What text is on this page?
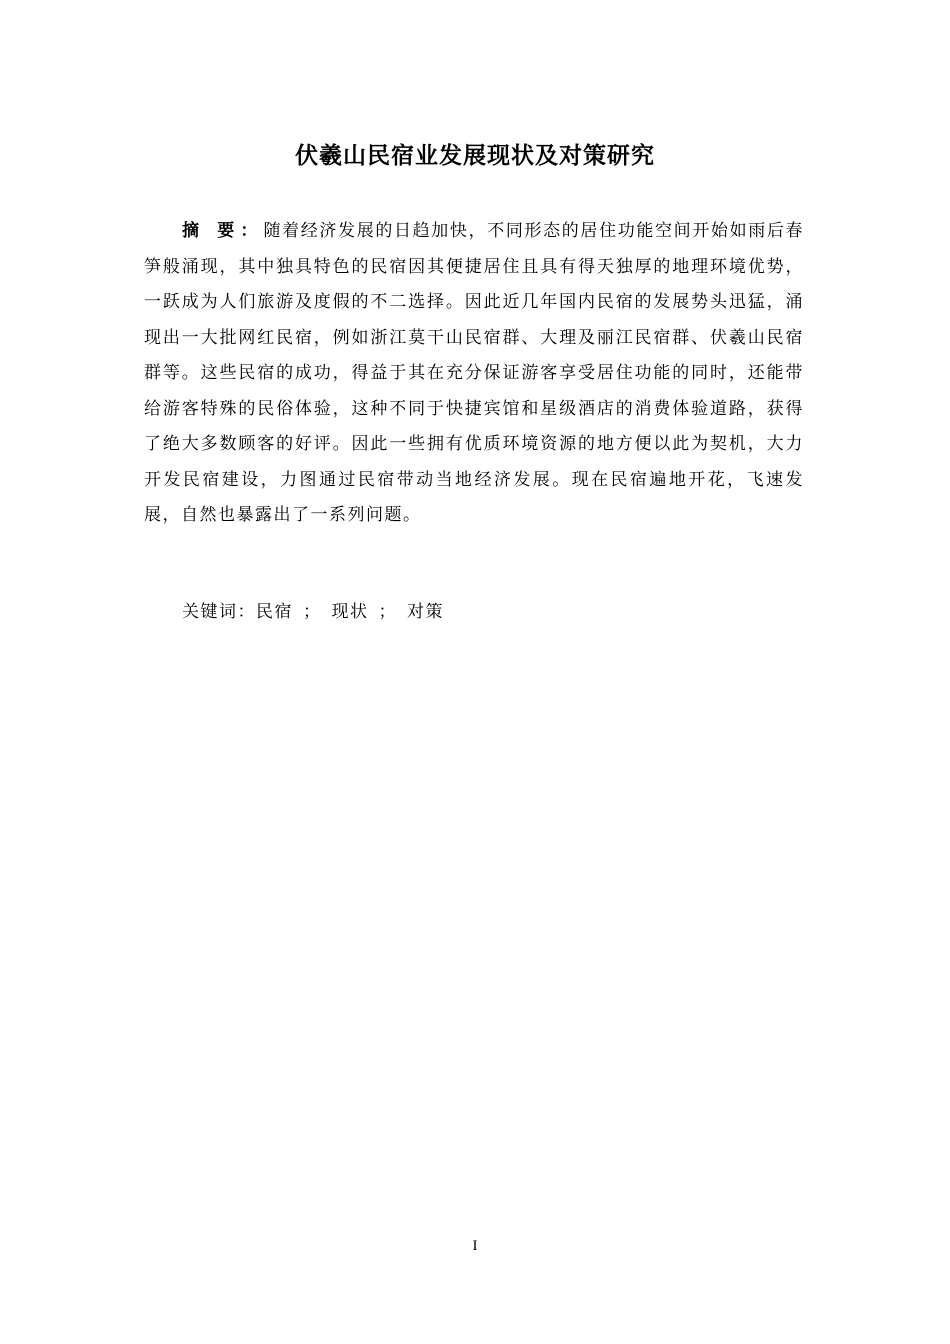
伏羲山民宿业发展现状及对策研究
摘 要：随着经济发展的日趋加快，不同形态的居住功能空间开始如雨后春笋般涌现，其中独具特色的民宿因其便捷居住且具有得天独厚的地理环境优势，一跃成为人们旅游及度假的不二选择。因此近几年国内民宿的发展势头迅猛，涌现出一大批网红民宿，例如浙江莫干山民宿群、大理及丽江民宿群、伏羲山民宿群等。这些民宿的成功，得益于其在充分保证游客享受居住功能的同时，还能带给游客特殊的民俗体验，这种不同于快捷宾馆和星级酒店的消费体验道路，获得了绝大多数顾客的好评。因此一些拥有优质环境资源的地方便以此为契机，大力开发民宿建设，力图通过民宿带动当地经济发展。现在民宿遍地开花，飞速发展，自然也暴露出了一系列问题。
关键词：民宿 ； 现状 ； 对策
I
